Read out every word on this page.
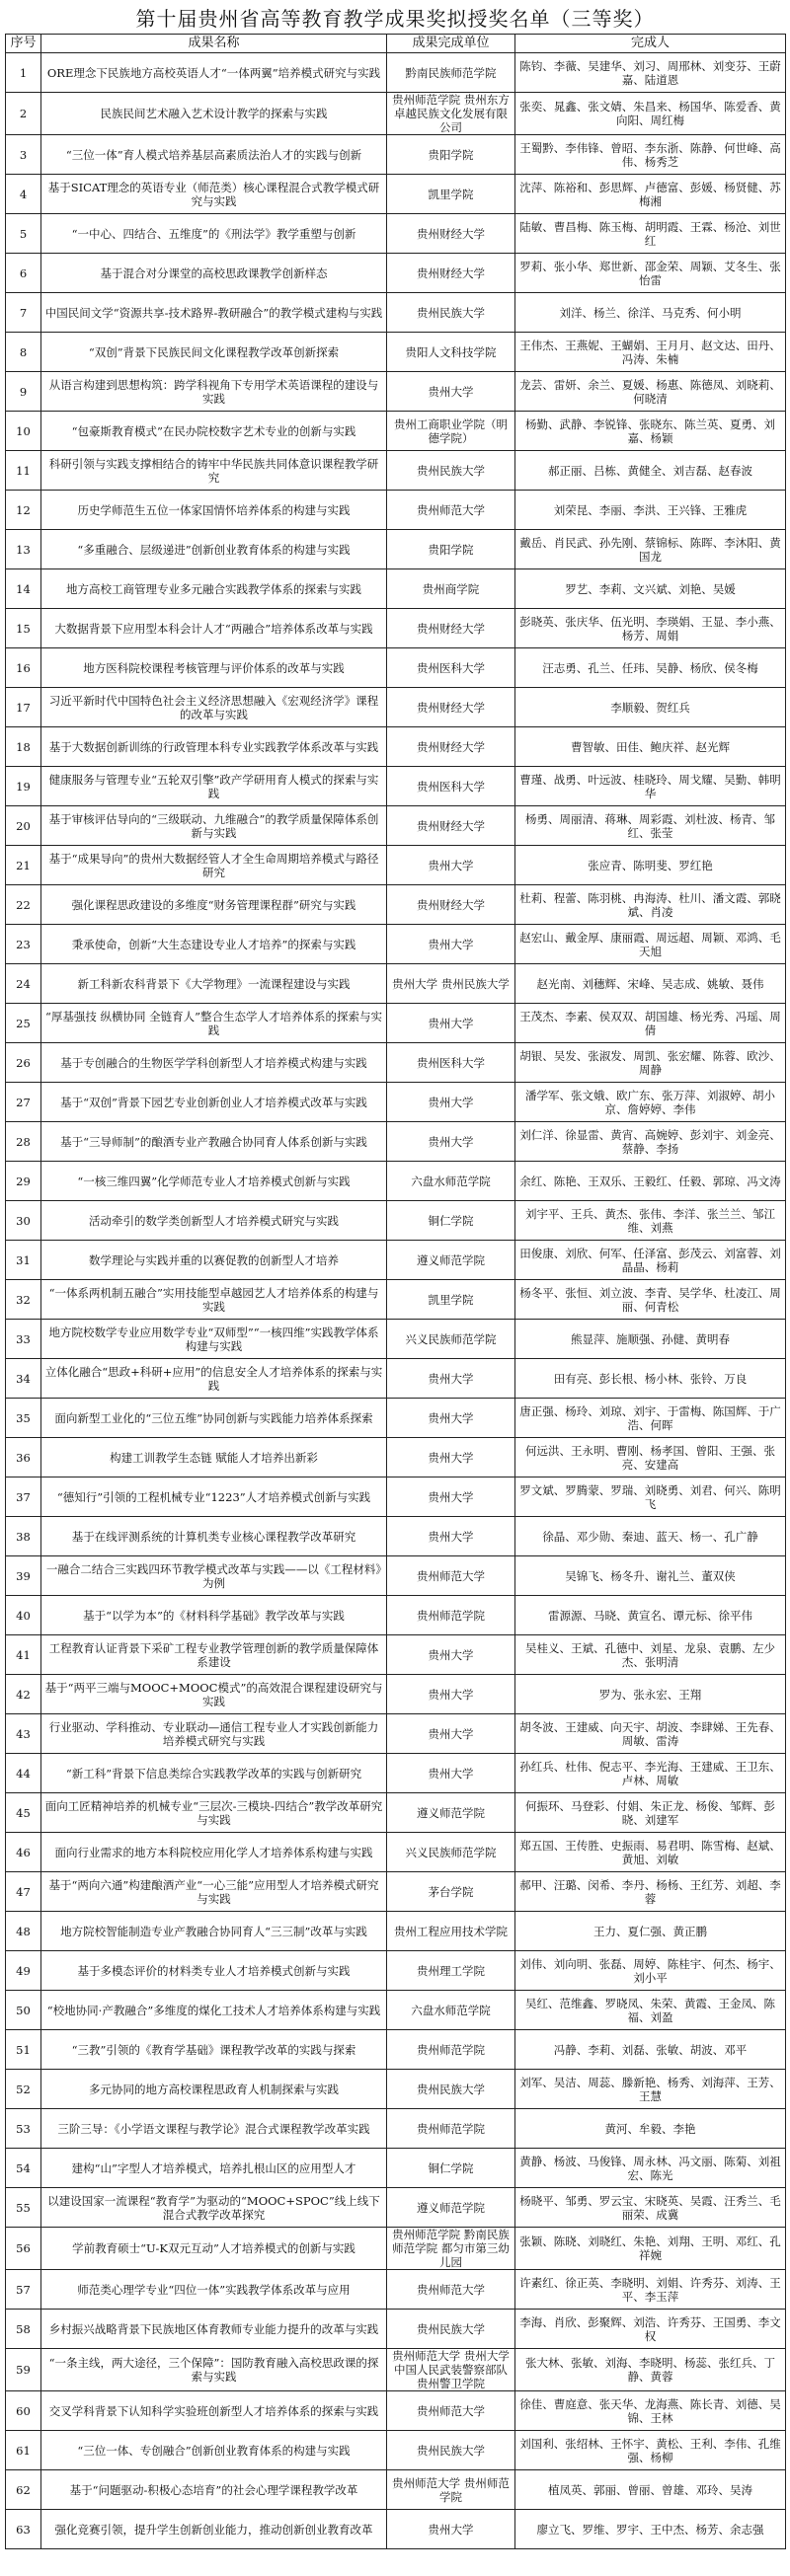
第十届贵州省高等教育教学成果奖拟授奖名单（三等奖）
序号	成果名称	成果完成单位	完成人
1	ORE理念下民族地方高校英语人才“一体两翼”培养模式研究与实践	黔南民族师范学院	陈钧、李薇、吴建华、刘习、周邢林、刘变芬、王蔚嘉、陆道恩
2	民族民间艺术融入艺术设计教学的探索与实践	贵州师范学院 贵州东方卓越民族文化发展有限公司	张奕、晁鑫、张文婧、朱昌来、杨国华、陈爱香、黄向阳、周红梅
3	“三位一体”育人模式培养基层高素质法治人才的实践与创新	贵阳学院	王蜀黔、李伟锋、曾昭、李东浙、陈静、何世峰、高伟、杨秀芝
4	基于SICAT理念的英语专业（师范类）核心课程混合式教学模式研究与实践	凯里学院	沈萍、陈裕和、彭思辉、卢德富、彭媛、杨贤健、苏梅湘
5	“一中心、四结合、五维度”的《刑法学》教学重塑与创新	贵州财经大学	陆敏、曹昌梅、陈玉梅、胡明霞、王霖、杨沧、刘世红
6	基于混合对分课堂的高校思政课教学创新样态	贵州财经大学	罗莉、张小华、郑世新、邵金荣、周颖、艾冬生、张怡雷
7	中国民间文学“资源共享-技术路界-教研融合”的教学模式建构与实践	贵州民族大学	刘洋、杨兰、徐洋、马克秀、何小明
8	“双创”背景下民族民间文化课程教学改革创新探索	贵阳人文科技学院	王伟杰、王燕妮、王蝴娟、王月月、赵文达、田丹、冯涛、朱楠
9	从语言构建到思想构筑：跨学科视角下专用学术英语课程的建设与实践	贵州大学	龙芸、雷妍、余兰、夏媛、杨惠、陈德凤、刘晓莉、何晓清
10	“包豪斯教育模式”在民办院校数字艺术专业的创新与实践	贵州工商职业学院（明德学院）	杨勤、武静、李锐锋、张晓东、陈兰英、夏勇、刘嘉、杨颖
11	科研引领与实践支撑相结合的铸牢中华民族共同体意识课程教学研究	贵州民族大学	郝正丽、吕栋、黄健全、刘吉磊、赵春波
12	历史学师范生五位一体家国情怀培养体系的构建与实践	贵州师范大学	刘荣昆、李丽、李洪、王兴锋、王雅虎
13	“多重融合、层级递进”创新创业教育体系的构建与实践	贵阳学院	戴岳、肖民武、孙先刚、蔡锦标、陈晖、李沐阳、黄国龙
14	地方高校工商管理专业多元融合实践教学体系的探索与实践	贵州商学院	罗艺、李莉、文兴斌、刘艳、吴媛
15	大数据背景下应用型本科会计人才“两融合”培养体系改革与实践	贵州财经大学	彭晓英、张庆华、伍光明、李瑛娟、王显、李小燕、杨芳、周娟
16	地方医科院校课程考核管理与评价体系的改革与实践	贵州医科大学	汪志勇、孔兰、任玮、吴静、杨欣、侯冬梅
17	习近平新时代中国特色社会主义经济思想融入《宏观经济学》课程的改革与实践	贵州财经大学	李顺毅、贺红兵
18	基于大数据创新训练的行政管理本科专业实践教学体系改革与实践	贵州财经大学	曹智敏、田佳、鲍庆祥、赵光辉
19	健康服务与管理专业“五轮双引擎”政产学研用育人模式的探索与实践	贵州医科大学	曹瑾、战勇、叶远波、桂晓玲、周戈耀、吴勤、韩明华
20	基于审核评估导向的“三级联动、九维融合”的教学质量保障体系创新与实践	贵州财经大学	杨勇、周丽清、蒋琳、周彩霞、刘杜波、杨青、邹红、张莹
21	基于“成果导向”的贵州大数据经管人才全生命周期培养模式与路径研究	贵州大学	张应青、陈明斐、罗红艳
22	强化课程思政建设的多维度“财务管理课程群”研究与实践	贵州财经大学	杜莉、程蕾、陈羽桃、冉海涛、杜川、潘文霞、郭晓斌、肖凌
23	秉承使命，创新“大生态建设专业人才培养”的探索与实践	贵州大学	赵宏山、戴金厚、康丽霞、周远超、周颖、邓鸿、毛天旭
24	新工科新农科背景下《大学物理》一流课程建设与实践	贵州大学 贵州民族大学	赵光南、刘穗辉、宋峰、吴志成、姚敏、聂伟
25	“厚基强技 纵横协同 全链育人”整合生态学人才培养体系的探索与实践	贵州大学	王茂杰、李素、侯双双、胡国雄、杨光秀、冯瑶、周倩
26	基于专创融合的生物医学学科创新型人才培养模式构建与实践	贵州医科大学	胡银、吴发、张淑发、周凯、张宏耀、陈蓉、欧沙、周静
27	基于“双创”背景下园艺专业创新创业人才培养模式改革与实践	贵州大学	潘学军、张文娥、欧广东、张万萍、刘淑婷、胡小京、詹婷婷、李伟
28	基于“三导师制”的酿酒专业产教融合协同育人体系创新与实践	贵州大学	刘仁洋、徐显雷、黄宵、高婉婷、彭刘宇、刘金亮、蔡静、李扬
29	“一核三维四翼”化学师范专业人才培养模式创新与实践	六盘水师范学院	余红、陈艳、王双乐、王毅红、任毅、郭琼、冯文涛
30	活动牵引的数学类创新型人才培养模式研究与实践	铜仁学院	刘宇平、王兵、黄杰、张伟、李洋、张兰兰、邹江维、刘燕
31	数学理论与实践并重的以赛促教的创新型人才培养	遵义师范学院	田俊康、刘欣、何军、任泽富、彭茂云、刘富蓉、刘晶晶、杨莉
32	“一体系两机制五融合”实用技能型卓越园艺人才培养体系的构建与实践	凯里学院	杨冬平、张恒、刘立波、李青、吴学华、杜凌江、周丽、何青松
33	地方院校数学专业应用数学专业“双师型”“一核四维”实践教学体系构建与实践	兴义民族师范学院	熊显萍、施顺强、孙健、黄明春
34	立体化融合“思政+科研+应用”的信息安全人才培养体系的探索与实践	贵州大学	田有亮、彭长根、杨小林、张铃、万良
35	面向新型工业化的“三位五维”协同创新与实践能力培养体系探索	贵州大学	唐正强、杨玲、刘琼、刘宇、于雷梅、陈国辉、于广浩、何晖
36	构建工训教学生态链 赋能人才培养出新彩	贵州大学	何远洪、王永明、曹刚、杨孝国、曾阳、王强、张亮、安建高
37	“德知行”引领的工程机械专业“1223”人才培养模式创新与实践	贵州大学	罗文斌、罗腾蒙、罗瑞、刘晓勇、刘君、何兴、陈明飞
38	基于在线评测系统的计算机类专业核心课程教学改革研究	贵州大学	徐晶、邓少勋、秦迪、蓝天、杨一、孔广静
39	一融合二结合三实践四环节教学模式改革与实践——以《工程材料》为例	贵州师范大学	吴锦飞、杨冬升、谢礼兰、董双侠
40	基于“以学为本”的《材料科学基础》教学改革与实践	贵州师范学院	雷源源、马晓、黄宣名、谭元标、徐平伟
41	工程教育认证背景下采矿工程专业教学管理创新的教学质量保障体系建设	贵州大学	吴桂义、王斌、孔德中、刘星、龙泉、袁鹏、左少杰、张明清
42	基于“两平三端与MOOC+MOOC模式”的高效混合课程建设研究与实践	贵州大学	罗为、张永宏、王翔
43	行业驱动、学科推动、专业联动—通信工程专业人才实践创新能力培养模式研究与实践	贵州大学	胡冬波、王建威、向天宇、胡波、李肆娣、王先春、周敏、雷涛
44	“新工科”背景下信息类综合实践教学改革的实践与创新研究	贵州大学	孙红兵、杜伟、倪志平、李光海、王建威、王卫东、卢林、周敏
45	面向工匠精神培养的机械专业“三层次-三模块-四结合”教学改革研究与实践	遵义师范学院	何振环、马登彩、付娟、朱正龙、杨俊、邹辉、彭晓、刘建军
46	面向行业需求的地方本科院校应用化学人才培养体系构建与实践	兴义民族师范学院	郑五国、王传胜、史振雨、易君明、陈雪梅、赵斌、黄旭、刘敏
47	基于“两向六通”构建酿酒产业“一心三能”应用型人才培养模式研究与实践	茅台学院	郝甲、汪璐、闵希、李丹、杨杨、王红芳、刘超、李蓉
48	地方院校智能制造专业产教融合协同育人“三三制”改革与实践	贵州工程应用技术学院	王力、夏仁强、黄正鹏
49	基于多模态评价的材料类专业人才培养模式创新与实践	贵州理工学院	刘伟、刘向明、张磊、周婷、陈桂宇、何杰、杨宇、刘小平
50	“校地协同·产教融合”多维度的煤化工技术人才培养体系构建与实践	六盘水师范学院	吴红、范维鑫、罗晓凤、朱荣、黄霞、王金凤、陈福、刘盈
51	“三教”引领的《教育学基础》课程教学改革的实践与探索	贵州师范学院	冯静、李莉、刘磊、张敏、胡波、邓平
52	多元协同的地方高校课程思政育人机制探索与实践	贵州民族大学	刘军、吴洁、周蕊、滕新艳、杨秀、刘海萍、王芳、王慧
53	三阶三导：《小学语文课程与教学论》混合式课程教学改革实践	贵州师范学院	黄河、牟毅、李艳
54	建构“山”字型人才培养模式，培养扎根山区的应用型人才	铜仁学院	黄静、杨波、马俊锋、周永林、冯文丽、陈菊、刘祖宏、陈光
55	以建设国家一流课程“教育学”为驱动的“MOOC+SPOC”线上线下混合式教学改革探究	遵义师范学院	杨晓平、邹勇、罗云宝、宋晓英、吴霞、汪秀兰、毛丽荣、成冀
56	学前教育硕士“U-K双元互动”人才培养模式的创新与实践	贵州师范学院 黔南民族师范学院 都匀市第三幼儿园	张颖、陈晓、刘晓红、朱艳、刘翔、王明、邓红、孔祥婉
57	师范类心理学专业“四位一体”实践教学体系改革与应用	贵州师范大学	许素红、徐正英、李晓明、刘娟、许秀芬、刘涛、王平、李玉萍
58	乡村振兴战略背景下民族地区体育教师专业能力提升的改革与实践	贵州民族大学	李海、肖欣、彭聚辉、刘浩、许秀芬、王国勇、李文权
59	“一条主线，两大途径，三个保障”：国防教育融入高校思政课的探索与实践	贵州师范大学 贵州大学 中国人民武装警察部队贵州警卫学院	张大林、张敏、刘海、李晓明、杨蕊、张红兵、丁静、黄蓉
60	交叉学科背景下认知科学实验班创新型人才培养体系的探索与实践	贵州师范大学	徐佳、曹庭意、张天华、龙海燕、陈长青、刘德、吴锦、王林
61	“三位一体、专创融合”创新创业教育体系的构建与实践	贵州民族大学	刘国利、张绍林、王怀宇、黄松、王利、李伟、孔维强、杨柳
62	基于“问题驱动-积极心态培育”的社会心理学课程教学改革	贵州师范大学 贵州师范学院	植凤英、郭丽、曾丽、曾雄、邓玲、吴涛
63	强化竞赛引领，提升学生创新创业能力，推动创新创业教育改革	贵州大学	廖立飞、罗维、罗宇、王中杰、杨芳、余志强
